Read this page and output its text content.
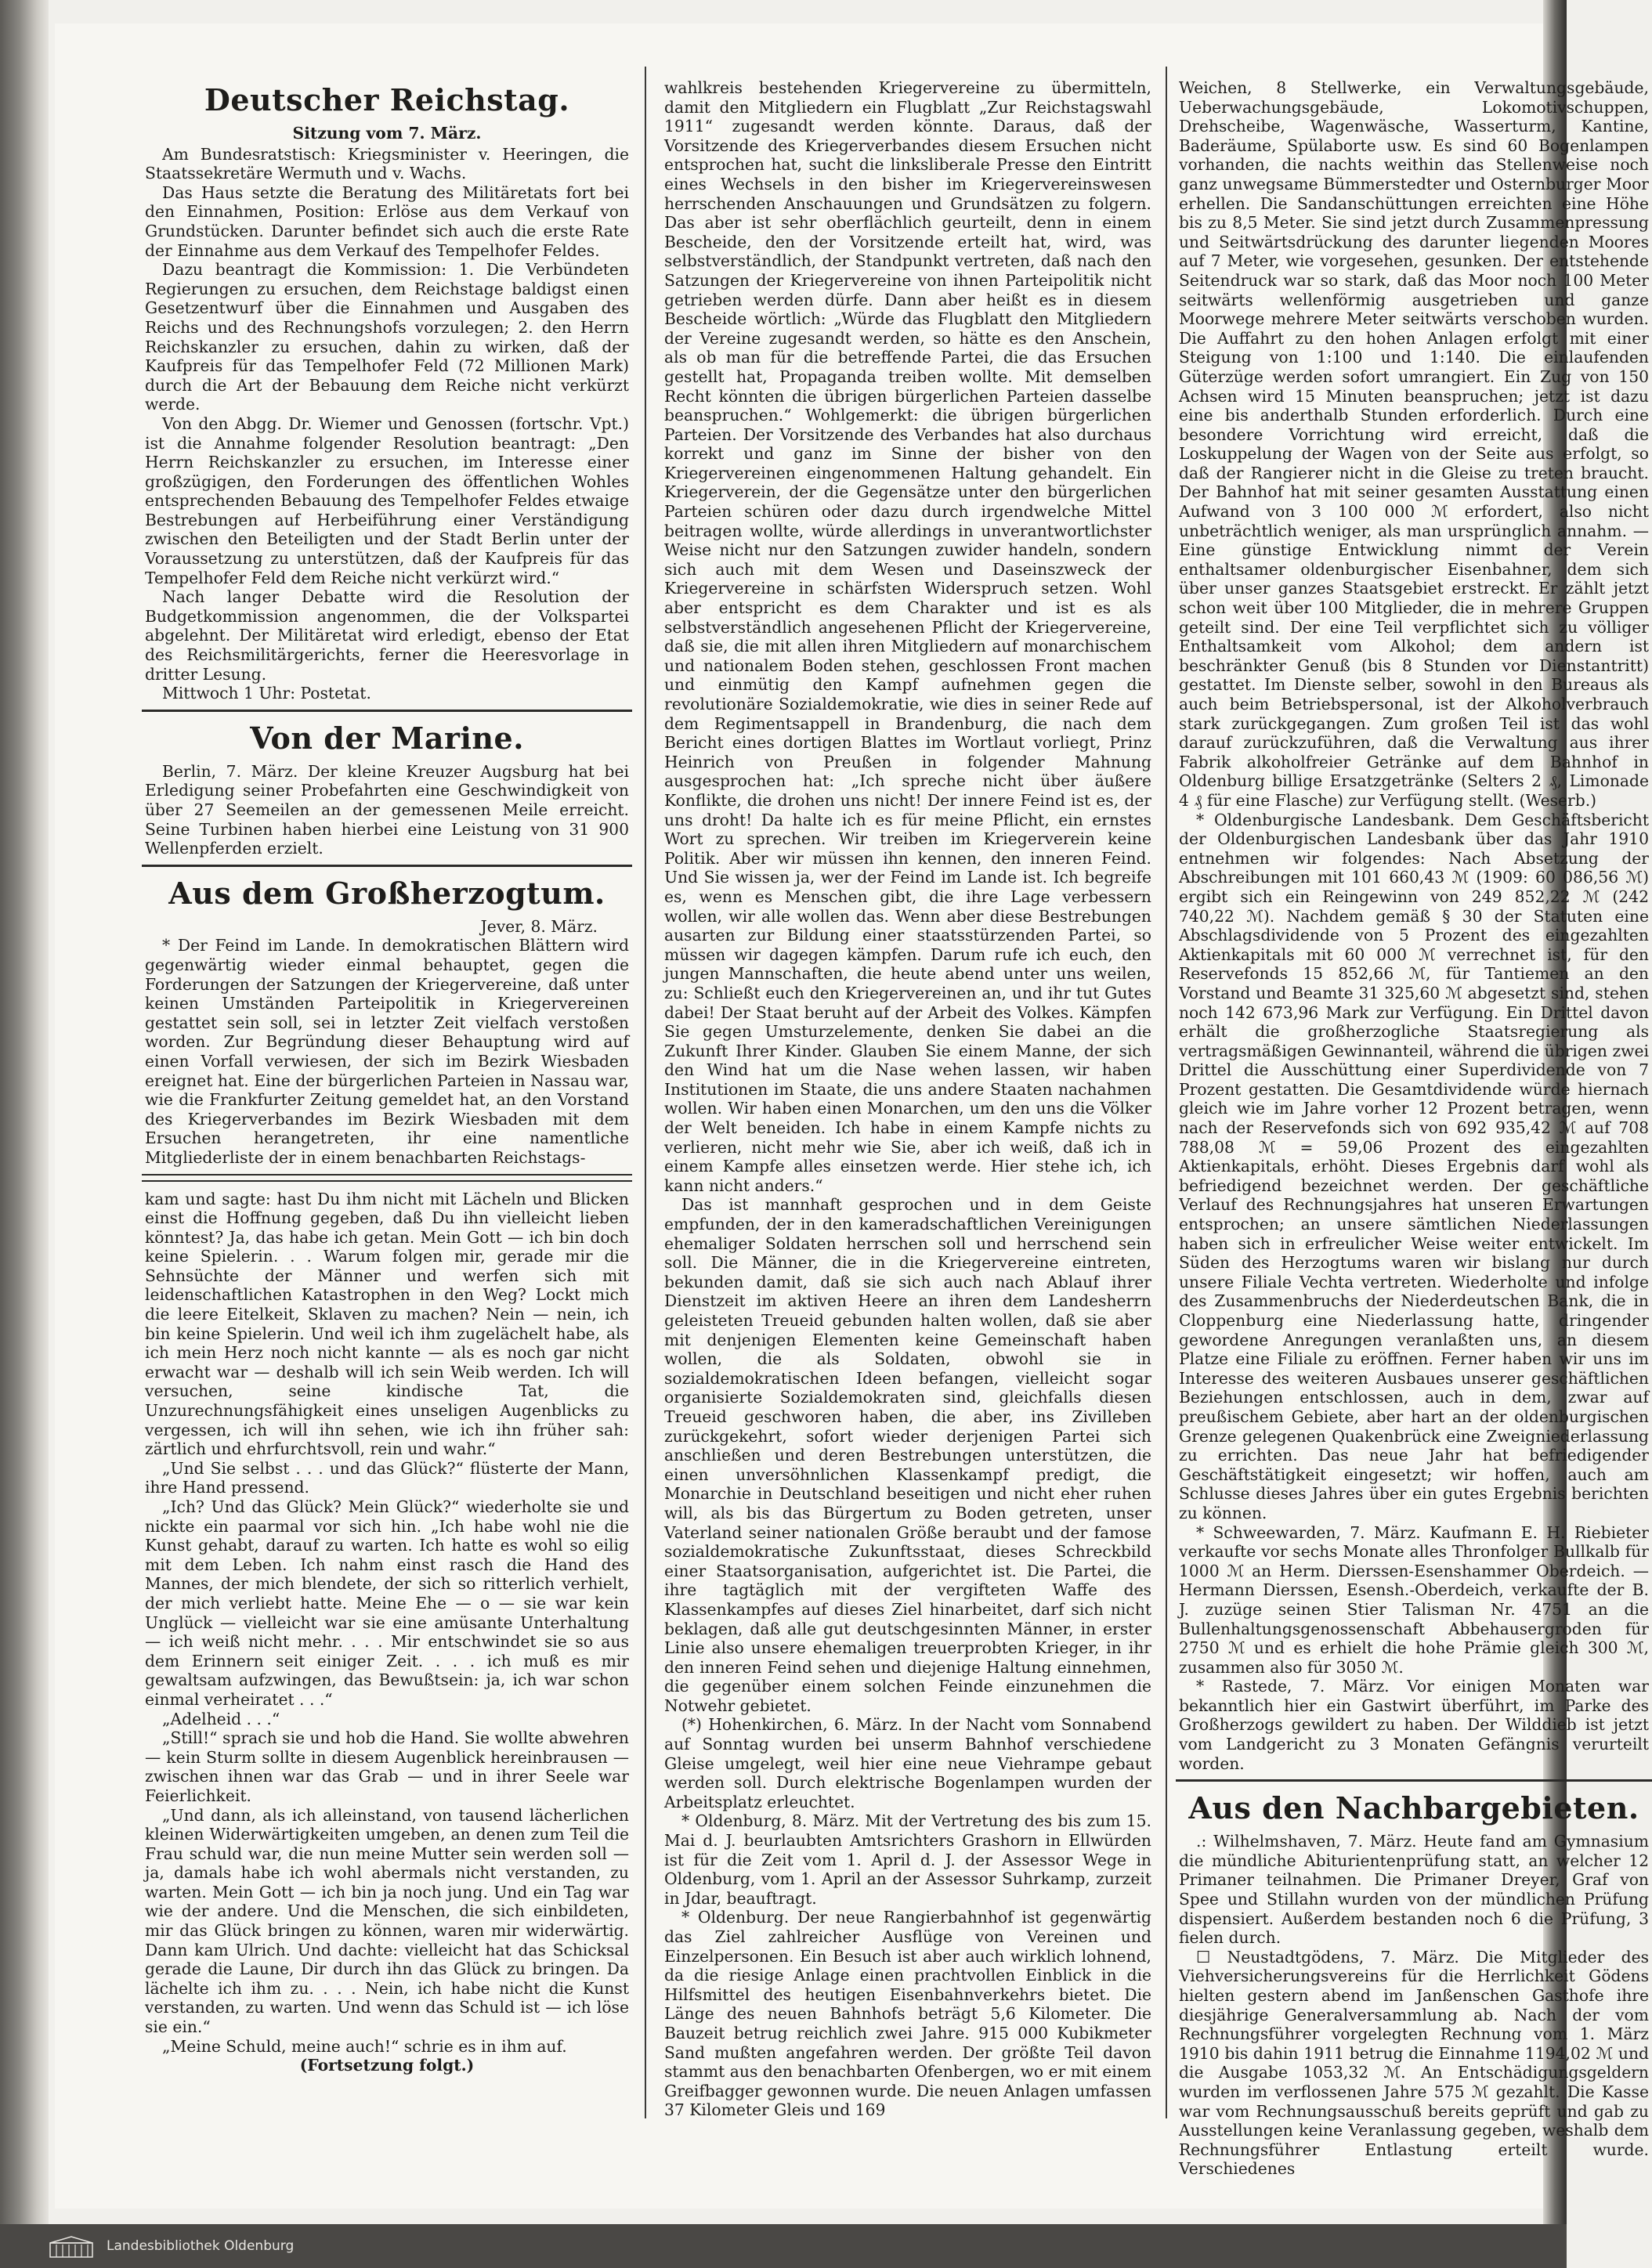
Deutscher Reichstag.
Sitzung vom 7. März.

Am Bundesratstisch: Kriegsminister v. Heeringen, die Staatssekretäre Wermuth und v. Wachs.

Das Haus setzte die Beratung des Militäretats fort bei den Einnahmen, Position: Erlöse aus dem Verkauf von Grundstücken. Darunter befindet sich auch die erste Rate der Einnahme aus dem Verkauf des Tempelhofer Feldes.

Dazu beantragt die Kommission: 1. Die Verbündeten Regierungen zu ersuchen, dem Reichstage baldigst einen Gesetzentwurf über die Einnahmen und Ausgaben des Reichs und des Rechnungshofs vorzulegen; 2. den Herrn Reichskanzler zu ersuchen, dahin zu wirken, daß der Kaufpreis für das Tempelhofer Feld (72 Millionen Mark) durch die Art der Bebauung dem Reiche nicht verkürzt werde.

Von den Abgg. Dr. Wiemer und Genossen (fortschr. Vpt.) ist die Annahme folgender Resolution beantragt: „Den Herrn Reichskanzler zu ersuchen, im Interesse einer großzügigen, den Forderungen des öffentlichen Wohles entsprechenden Bebauung des Tempelhofer Feldes etwaige Bestrebungen auf Herbeiführung einer Verständigung zwischen den Beteiligten und der Stadt Berlin unter der Voraussetzung zu unterstützen, daß der Kaufpreis für das Tempelhofer Feld dem Reiche nicht verkürzt wird.“

Nach langer Debatte wird die Resolution der Budgetkommission angenommen, die der Volkspartei abgelehnt. Der Militäretat wird erledigt, ebenso der Etat des Reichsmilitärgerichts, ferner die Heeresvorlage in dritter Lesung.

Mittwoch 1 Uhr: Postetat.

Von der Marine.

Berlin, 7. März. Der kleine Kreuzer Augsburg hat bei Erledigung seiner Probefahrten eine Geschwindigkeit von über 27 Seemeilen an der gemessenen Meile erreicht. Seine Turbinen haben hierbei eine Leistung von 31 900 Wellenpferden erzielt.

Aus dem Großherzogtum.

Jever, 8. März.

* Der Feind im Lande. In demokratischen Blättern wird gegenwärtig wieder einmal behauptet, gegen die Forderungen der Satzungen der Kriegervereine, daß unter keinen Umständen Parteipolitik in Kriegervereinen gestattet sein soll, sei in letzter Zeit vielfach verstoßen worden. Zur Begründung dieser Behauptung wird auf einen Vorfall verwiesen, der sich im Bezirk Wiesbaden ereignet hat. Eine der bürgerlichen Parteien in Nassau war, wie die Frankfurter Zeitung gemeldet hat, an den Vorstand des Kriegerverbandes im Bezirk Wiesbaden mit dem Ersuchen herangetreten, ihr eine namentliche Mitgliederliste der in einem benachbarten Reichstags-

kam und sagte: hast Du ihm nicht mit Lächeln und Blicken einst die Hoffnung gegeben, daß Du ihn vielleicht lieben könntest? Ja, das habe ich getan. Mein Gott — ich bin doch keine Spielerin. . . Warum folgen mir, gerade mir die Sehnsüchte der Männer und werfen sich mit leidenschaftlichen Katastrophen in den Weg? Lockt mich die leere Eitelkeit, Sklaven zu machen? Nein — nein, ich bin keine Spielerin. Und weil ich ihm zugelächelt habe, als ich mein Herz noch nicht kannte — als es noch gar nicht erwacht war — deshalb will ich sein Weib werden. Ich will versuchen, seine kindische Tat, die Unzurechnungsfähigkeit eines unseligen Augenblicks zu vergessen, ich will ihn sehen, wie ich ihn früher sah: zärtlich und ehrfurchtsvoll, rein und wahr.“

„Und Sie selbst . . . und das Glück?“ flüsterte der Mann, ihre Hand pressend.

„Ich? Und das Glück? Mein Glück?“ wiederholte sie und nickte ein paarmal vor sich hin. „Ich habe wohl nie die Kunst gehabt, darauf zu warten. Ich hatte es wohl so eilig mit dem Leben. Ich nahm einst rasch die Hand des Mannes, der mich blendete, der sich so ritterlich verhielt, der mich verliebt hatte. Meine Ehe — o — sie war kein Unglück — vielleicht war sie eine amüsante Unterhaltung — ich weiß nicht mehr. . . . Mir entschwindet sie so aus dem Erinnern seit einiger Zeit. . . . ich muß es mir gewaltsam aufzwingen, das Bewußtsein: ja, ich war schon einmal verheiratet . . .“

„Adelheid . . .“

„Still!“ sprach sie und hob die Hand. Sie wollte abwehren — kein Sturm sollte in diesem Augenblick hereinbrausen — zwischen ihnen war das Grab — und in ihrer Seele war Feierlichkeit.

„Und dann, als ich alleinstand, von tausend lächerlichen kleinen Widerwärtigkeiten umgeben, an denen zum Teil die Frau schuld war, die nun meine Mutter sein werden soll — ja, damals habe ich wohl abermals nicht verstanden, zu warten. Mein Gott — ich bin ja noch jung. Und ein Tag war wie der andere. Und die Menschen, die sich einbildeten, mir das Glück bringen zu können, waren mir widerwärtig. Dann kam Ulrich. Und dachte: vielleicht hat das Schicksal gerade die Laune, Dir durch ihn das Glück zu bringen. Da lächelte ich ihm zu. . . . Nein, ich habe nicht die Kunst verstanden, zu warten. Und wenn das Schuld ist — ich löse sie ein.“

„Meine Schuld, meine auch!“ schrie es in ihm auf.

(Fortsetzung folgt.)

wahlkreis bestehenden Kriegervereine zu übermitteln, damit den Mitgliedern ein Flugblatt „Zur Reichstagswahl 1911“ zugesandt werden könnte. Daraus, daß der Vorsitzende des Kriegerverbandes diesem Ersuchen nicht entsprochen hat, sucht die linksliberale Presse den Eintritt eines Wechsels in den bisher im Kriegervereinswesen herrschenden Anschauungen und Grundsätzen zu folgern. Das aber ist sehr oberflächlich geurteilt, denn in einem Bescheide, den der Vorsitzende erteilt hat, wird, was selbstverständlich, der Standpunkt vertreten, daß nach den Satzungen der Kriegervereine von ihnen Parteipolitik nicht getrieben werden dürfe. Dann aber heißt es in diesem Bescheide wörtlich: „Würde das Flugblatt den Mitgliedern der Vereine zugesandt werden, so hätte es den Anschein, als ob man für die betreffende Partei, die das Ersuchen gestellt hat, Propaganda treiben wollte. Mit demselben Recht könnten die übrigen bürgerlichen Parteien dasselbe beanspruchen.“ Wohlgemerkt: die übrigen bürgerlichen Parteien. Der Vorsitzende des Verbandes hat also durchaus korrekt und ganz im Sinne der bisher von den Kriegervereinen eingenommenen Haltung gehandelt. Ein Kriegerverein, der die Gegensätze unter den bürgerlichen Parteien schüren oder dazu durch irgendwelche Mittel beitragen wollte, würde allerdings in unverantwortlichster Weise nicht nur den Satzungen zuwider handeln, sondern sich auch mit dem Wesen und Daseinszweck der Kriegervereine in schärfsten Widerspruch setzen. Wohl aber entspricht es dem Charakter und ist es als selbstverständlich angesehenen Pflicht der Kriegervereine, daß sie, die mit allen ihren Mitgliedern auf monarchischem und nationalem Boden stehen, geschlossen Front machen und einmütig den Kampf aufnehmen gegen die revolutionäre Sozialdemokratie, wie dies in seiner Rede auf dem Regimentsappell in Brandenburg, die nach dem Bericht eines dortigen Blattes im Wortlaut vorliegt, Prinz Heinrich von Preußen in folgender Mahnung ausgesprochen hat: „Ich spreche nicht über äußere Konflikte, die drohen uns nicht! Der innere Feind ist es, der uns droht! Da halte ich es für meine Pflicht, ein ernstes Wort zu sprechen. Wir treiben im Kriegerverein keine Politik. Aber wir müssen ihn kennen, den inneren Feind. Und Sie wissen ja, wer der Feind im Lande ist. Ich begreife es, wenn es Menschen gibt, die ihre Lage verbessern wollen, wir alle wollen das. Wenn aber diese Bestrebungen ausarten zur Bildung einer staatsstürzenden Partei, so müssen wir dagegen kämpfen. Darum rufe ich euch, den jungen Mannschaften, die heute abend unter uns weilen, zu: Schließt euch den Kriegervereinen an, und ihr tut Gutes dabei! Der Staat beruht auf der Arbeit des Volkes. Kämpfen Sie gegen Umsturzelemente, denken Sie dabei an die Zukunft Ihrer Kinder. Glauben Sie einem Manne, der sich den Wind hat um die Nase wehen lassen, wir haben Institutionen im Staate, die uns andere Staaten nachahmen wollen. Wir haben einen Monarchen, um den uns die Völker der Welt beneiden. Ich habe in einem Kampfe nichts zu verlieren, nicht mehr wie Sie, aber ich weiß, daß ich in einem Kampfe alles einsetzen werde. Hier stehe ich, ich kann nicht anders.“

Das ist mannhaft gesprochen und in dem Geiste empfunden, der in den kameradschaftlichen Vereinigungen ehemaliger Soldaten herrschen soll und herrschend sein soll. Die Männer, die in die Kriegervereine eintreten, bekunden damit, daß sie sich auch nach Ablauf ihrer Dienstzeit im aktiven Heere an ihren dem Landesherrn geleisteten Treueid gebunden halten wollen, daß sie aber mit denjenigen Elementen keine Gemeinschaft haben wollen, die als Soldaten, obwohl sie in sozialdemokratischen Ideen befangen, vielleicht sogar organisierte Sozialdemokraten sind, gleichfalls diesen Treueid geschworen haben, die aber, ins Zivilleben zurückgekehrt, sofort wieder derjenigen Partei sich anschließen und deren Bestrebungen unterstützen, die einen unversöhnlichen Klassenkampf predigt, die Monarchie in Deutschland beseitigen und nicht eher ruhen will, als bis das Bürgertum zu Boden getreten, unser Vaterland seiner nationalen Größe beraubt und der famose sozialdemokratische Zukunftsstaat, dieses Schreckbild einer Staatsorganisation, aufgerichtet ist. Die Partei, die ihre tagtäglich mit der vergifteten Waffe des Klassenkampfes auf dieses Ziel hinarbeitet, darf sich nicht beklagen, daß alle gut deutschgesinnten Männer, in erster Linie also unsere ehemaligen treuerprobten Krieger, in ihr den inneren Feind sehen und diejenige Haltung einnehmen, die gegenüber einem solchen Feinde einzunehmen die Notwehr gebietet.

(*) Hohenkirchen, 6. März. In der Nacht vom Sonnabend auf Sonntag wurden bei unserm Bahnhof verschiedene Gleise umgelegt, weil hier eine neue Viehrampe gebaut werden soll. Durch elektrische Bogenlampen wurden der Arbeitsplatz erleuchtet.

* Oldenburg, 8. März. Mit der Vertretung des bis zum 15. Mai d. J. beurlaubten Amtsrichters Grashorn in Ellwürden ist für die Zeit vom 1. April d. J. der Assessor Wege in Oldenburg, vom 1. April an der Assessor Suhrkamp, zurzeit in Jdar, beauftragt.

* Oldenburg. Der neue Rangierbahnhof ist gegenwärtig das Ziel zahlreicher Ausflüge von Vereinen und Einzelpersonen. Ein Besuch ist aber auch wirklich lohnend, da die riesige Anlage einen prachtvollen Einblick in die Hilfsmittel des heutigen Eisenbahnverkehrs bietet. Die Länge des neuen Bahnhofs beträgt 5,6 Kilometer. Die Bauzeit betrug reichlich zwei Jahre. 915 000 Kubikmeter Sand mußten angefahren werden. Der größte Teil davon stammt aus den benachbarten Ofenbergen, wo er mit einem Greifbagger gewonnen wurde. Die neuen Anlagen umfassen 37 Kilometer Gleis und 169

Weichen, 8 Stellwerke, ein Verwaltungsgebäude, Ueberwachungsgebäude, Lokomotivschuppen, Drehscheibe, Wagenwäsche, Wasserturm, Kantine, Baderäume, Spülaborte usw. Es sind 60 Bogenlampen vorhanden, die nachts weithin das Stellenweise noch ganz unwegsame Bümmerstedter und Osternburger Moor erhellen. Die Sandanschüttungen erreichten eine Höhe bis zu 8,5 Meter. Sie sind jetzt durch Zusammenpressung und Seitwärtsdrückung des darunter liegenden Moores auf 7 Meter, wie vorgesehen, gesunken. Der entstehende Seitendruck war so stark, daß das Moor noch 100 Meter seitwärts wellenförmig ausgetrieben und ganze Moorwege mehrere Meter seitwärts verschoben wurden. Die Auffahrt zu den hohen Anlagen erfolgt mit einer Steigung von 1:100 und 1:140. Die einlaufenden Güterzüge werden sofort umrangiert. Ein Zug von 150 Achsen wird 15 Minuten beanspruchen; jetzt ist dazu eine bis anderthalb Stunden erforderlich. Durch eine besondere Vorrichtung wird erreicht, daß die Loskuppelung der Wagen von der Seite aus erfolgt, so daß der Rangierer nicht in die Gleise zu treten braucht. Der Bahnhof hat mit seiner gesamten Ausstattung einen Aufwand von 3 100 000 ℳ erfordert, also nicht unbeträchtlich weniger, als man ursprünglich annahm. — Eine günstige Entwicklung nimmt der Verein enthaltsamer oldenburgischer Eisenbahner, dem sich über unser ganzes Staatsgebiet erstreckt. Er zählt jetzt schon weit über 100 Mitglieder, die in mehrere Gruppen geteilt sind. Der eine Teil verpflichtet sich zu völliger Enthaltsamkeit vom Alkohol; dem andern ist beschränkter Genuß (bis 8 Stunden vor Dienstantritt) gestattet. Im Dienste selber, sowohl in den Bureaus als auch beim Betriebspersonal, ist der Alkoholverbrauch stark zurückgegangen. Zum großen Teil ist das wohl darauf zurückzuführen, daß die Verwaltung aus ihrer Fabrik alkoholfreier Getränke auf dem Bahnhof in Oldenburg billige Ersatzgetränke (Selters 2 ₰, Limonade 4 ₰ für eine Flasche) zur Verfügung stellt. (Weserb.)

* Oldenburgische Landesbank. Dem Geschäftsbericht der Oldenburgischen Landesbank über das Jahr 1910 entnehmen wir folgendes: Nach Absetzung der Abschreibungen mit 101 660,43 ℳ (1909: 60 086,56 ℳ) ergibt sich ein Reingewinn von 249 852,22 ℳ (242 740,22 ℳ). Nachdem gemäß § 30 der Statuten eine Abschlagsdividende von 5 Prozent des eingezahlten Aktienkapitals mit 60 000 ℳ verrechnet ist, für den Reservefonds 15 852,66 ℳ, für Tantiemen an den Vorstand und Beamte 31 325,60 ℳ abgesetzt sind, stehen noch 142 673,96 Mark zur Verfügung. Ein Drittel davon erhält die großherzogliche Staatsregierung als vertragsmäßigen Gewinnanteil, während die übrigen zwei Drittel die Ausschüttung einer Superdividende von 7 Prozent gestatten. Die Gesamtdividende würde hiernach gleich wie im Jahre vorher 12 Prozent betragen, wenn nach der Reservefonds sich von 692 935,42 ℳ auf 708 788,08 ℳ = 59,06 Prozent des eingezahlten Aktienkapitals, erhöht. Dieses Ergebnis darf wohl als befriedigend bezeichnet werden. Der geschäftliche Verlauf des Rechnungsjahres hat unseren Erwartungen entsprochen; an unsere sämtlichen Niederlassungen haben sich in erfreulicher Weise weiter entwickelt. Im Süden des Herzogtums waren wir bislang nur durch unsere Filiale Vechta vertreten. Wiederholte und infolge des Zusammenbruchs der Niederdeutschen Bank, die in Cloppenburg eine Niederlassung hatte, dringender gewordene Anregungen veranlaßten uns, an diesem Platze eine Filiale zu eröffnen. Ferner haben wir uns im Interesse des weiteren Ausbaues unserer geschäftlichen Beziehungen entschlossen, auch in dem, zwar auf preußischem Gebiete, aber hart an der oldenburgischen Grenze gelegenen Quakenbrück eine Zweigniederlassung zu errichten. Das neue Jahr hat befriedigender Geschäftstätigkeit eingesetzt; wir hoffen, auch am Schlusse dieses Jahres über ein gutes Ergebnis berichten zu können.

* Schweewarden, 7. März. Kaufmann E. H. Riebieter verkaufte vor sechs Monate alles Thronfolger Bullkalb für 1000 ℳ an Herm. Dierssen-Esenshammer Oberdeich. — Hermann Dierssen, Esensh.-Oberdeich, verkaufte der B. J. zuzüge seinen Stier Talisman Nr. 4751 an die Bullenhaltungsgenossenschaft Abbehausergroden für 2750 ℳ und es erhielt die hohe Prämie gleich 300 ℳ, zusammen also für 3050 ℳ.

* Rastede, 7. März. Vor einigen Monaten war bekanntlich hier ein Gastwirt überführt, im Parke des Großherzogs gewildert zu haben. Der Wilddieb ist jetzt vom Landgericht zu 3 Monaten Gefängnis verurteilt worden.

Aus den Nachbargebieten.

.: Wilhelmshaven, 7. März. Heute fand am Gymnasium die mündliche Abiturientenprüfung statt, an welcher 12 Primaner teilnahmen. Die Primaner Dreyer, Graf von Spee und Stillahn wurden von der mündlichen Prüfung dispensiert. Außerdem bestanden noch 6 die Prüfung, 3 fielen durch.

☐ Neustadtgödens, 7. März. Die Mitglieder des Viehversicherungsvereins für die Herrlichkeit Gödens hielten gestern abend im Janßenschen Gasthofe ihre diesjährige Generalversammlung ab. Nach der vom Rechnungsführer vorgelegten Rechnung vom 1. März 1910 bis dahin 1911 betrug die Einnahme 1194,02 ℳ und die Ausgabe 1053,32 ℳ. An Entschädigungsgeldern wurden im verflossenen Jahre 575 ℳ gezahlt. Die Kasse war vom Rechnungsausschuß bereits geprüft und gab zu Ausstellungen keine Veranlassung gegeben, weshalb dem Rechnungsführer Entlastung erteilt wurde. Verschiedenes

Landesbibliothek Oldenburg
